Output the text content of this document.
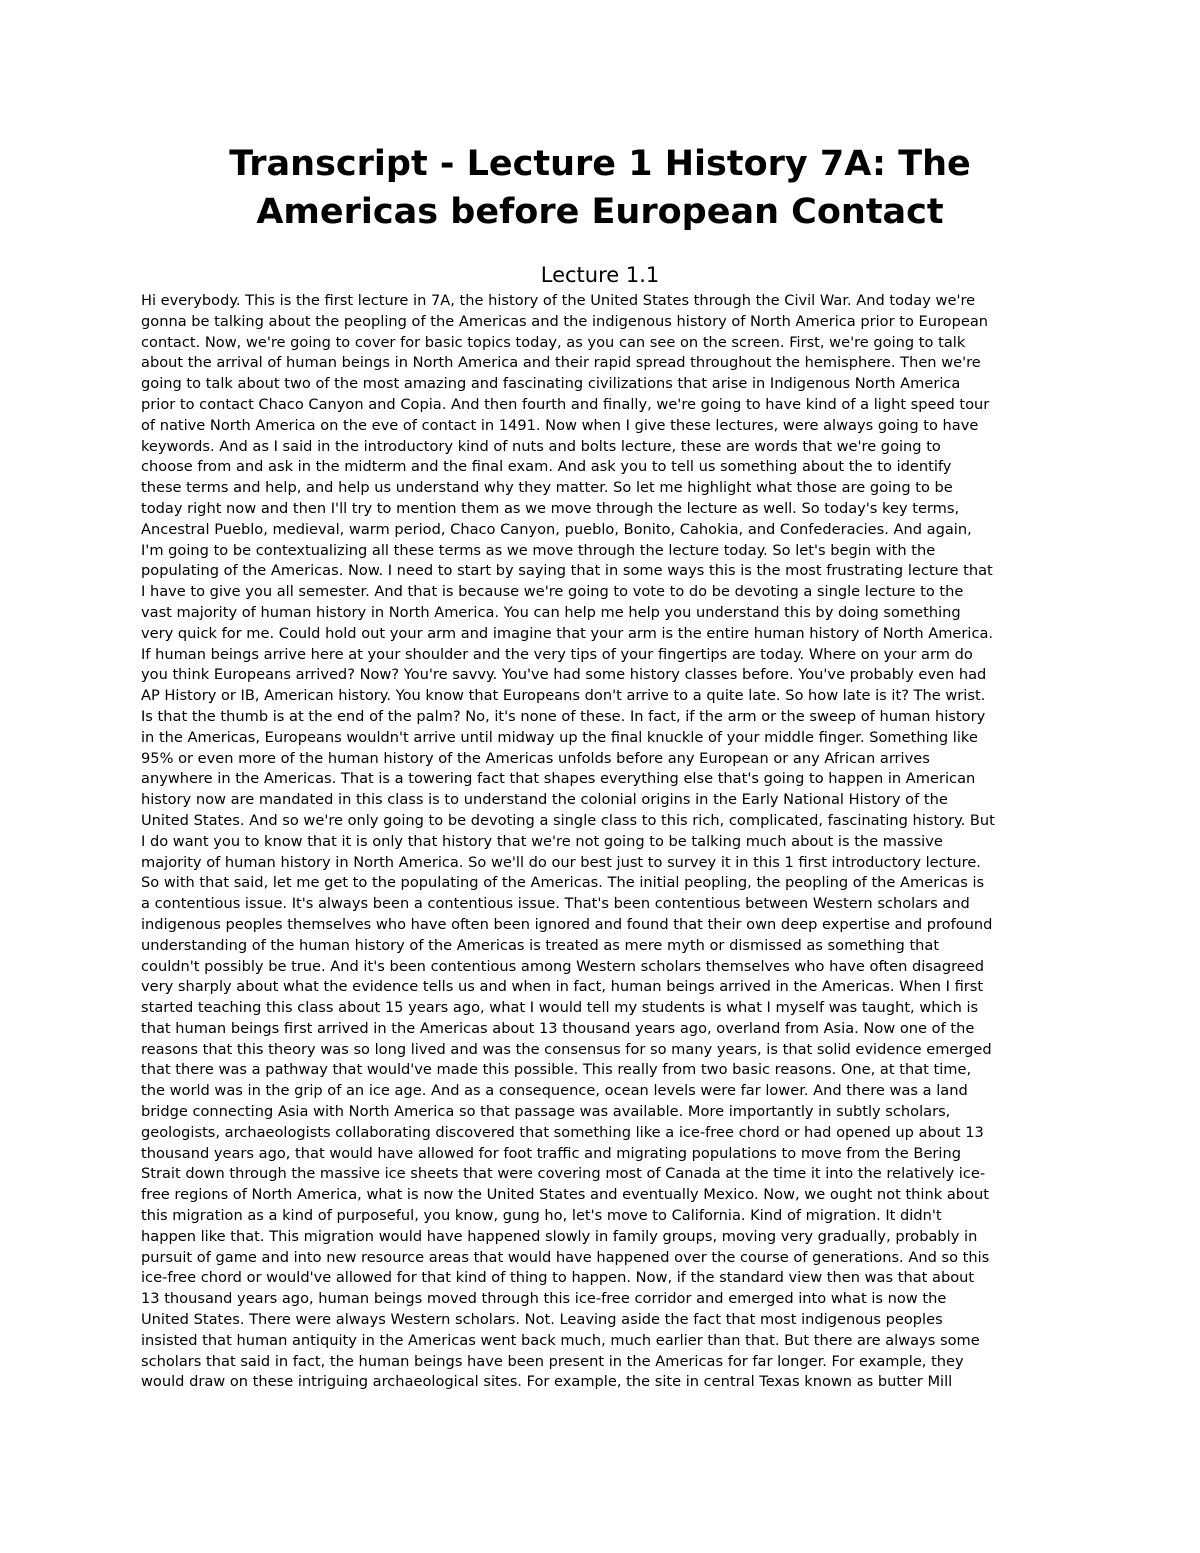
Transcript - Lecture 1 History 7A: The
Americas before European Contact
Lecture 1.1
Hi everybody. This is the first lecture in 7A, the history of the United States through the Civil War. And today we're
gonna be talking about the peopling of the Americas and the indigenous history of North America prior to European
contact. Now, we're going to cover for basic topics today, as you can see on the screen. First, we're going to talk
about the arrival of human beings in North America and their rapid spread throughout the hemisphere. Then we're
going to talk about two of the most amazing and fascinating civilizations that arise in Indigenous North America
prior to contact Chaco Canyon and Copia. And then fourth and finally, we're going to have kind of a light speed tour
of native North America on the eve of contact in 1491. Now when I give these lectures, were always going to have
keywords. And as I said in the introductory kind of nuts and bolts lecture, these are words that we're going to
choose from and ask in the midterm and the final exam. And ask you to tell us something about the to identify
these terms and help, and help us understand why they matter. So let me highlight what those are going to be
today right now and then I'll try to mention them as we move through the lecture as well. So today's key terms,
Ancestral Pueblo, medieval, warm period, Chaco Canyon, pueblo, Bonito, Cahokia, and Confederacies. And again,
I'm going to be contextualizing all these terms as we move through the lecture today. So let's begin with the
populating of the Americas. Now. I need to start by saying that in some ways this is the most frustrating lecture that
I have to give you all semester. And that is because we're going to vote to do be devoting a single lecture to the
vast majority of human history in North America. You can help me help you understand this by doing something
very quick for me. Could hold out your arm and imagine that your arm is the entire human history of North America.
If human beings arrive here at your shoulder and the very tips of your fingertips are today. Where on your arm do
you think Europeans arrived? Now? You're savvy. You've had some history classes before. You've probably even had
AP History or IB, American history. You know that Europeans don't arrive to a quite late. So how late is it? The wrist.
Is that the thumb is at the end of the palm? No, it's none of these. In fact, if the arm or the sweep of human history
in the Americas, Europeans wouldn't arrive until midway up the final knuckle of your middle finger. Something like
95% or even more of the human history of the Americas unfolds before any European or any African arrives
anywhere in the Americas. That is a towering fact that shapes everything else that's going to happen in American
history now are mandated in this class is to understand the colonial origins in the Early National History of the
United States. And so we're only going to be devoting a single class to this rich, complicated, fascinating history. But
I do want you to know that it is only that history that we're not going to be talking much about is the massive
majority of human history in North America. So we'll do our best just to survey it in this 1 first introductory lecture.
So with that said, let me get to the populating of the Americas. The initial peopling, the peopling of the Americas is
a contentious issue. It's always been a contentious issue. That's been contentious between Western scholars and
indigenous peoples themselves who have often been ignored and found that their own deep expertise and profound
understanding of the human history of the Americas is treated as mere myth or dismissed as something that
couldn't possibly be true. And it's been contentious among Western scholars themselves who have often disagreed
very sharply about what the evidence tells us and when in fact, human beings arrived in the Americas. When I first
started teaching this class about 15 years ago, what I would tell my students is what I myself was taught, which is
that human beings first arrived in the Americas about 13 thousand years ago, overland from Asia. Now one of the
reasons that this theory was so long lived and was the consensus for so many years, is that solid evidence emerged
that there was a pathway that would've made this possible. This really from two basic reasons. One, at that time,
the world was in the grip of an ice age. And as a consequence, ocean levels were far lower. And there was a land
bridge connecting Asia with North America so that passage was available. More importantly in subtly scholars,
geologists, archaeologists collaborating discovered that something like a ice-free chord or had opened up about 13
thousand years ago, that would have allowed for foot traffic and migrating populations to move from the Bering
Strait down through the massive ice sheets that were covering most of Canada at the time it into the relatively ice-
free regions of North America, what is now the United States and eventually Mexico. Now, we ought not think about
this migration as a kind of purposeful, you know, gung ho, let's move to California. Kind of migration. It didn't
happen like that. This migration would have happened slowly in family groups, moving very gradually, probably in
pursuit of game and into new resource areas that would have happened over the course of generations. And so this
ice-free chord or would've allowed for that kind of thing to happen. Now, if the standard view then was that about
13 thousand years ago, human beings moved through this ice-free corridor and emerged into what is now the
United States. There were always Western scholars. Not. Leaving aside the fact that most indigenous peoples
insisted that human antiquity in the Americas went back much, much earlier than that. But there are always some
scholars that said in fact, the human beings have been present in the Americas for far longer. For example, they
would draw on these intriguing archaeological sites. For example, the site in central Texas known as butter Mill
